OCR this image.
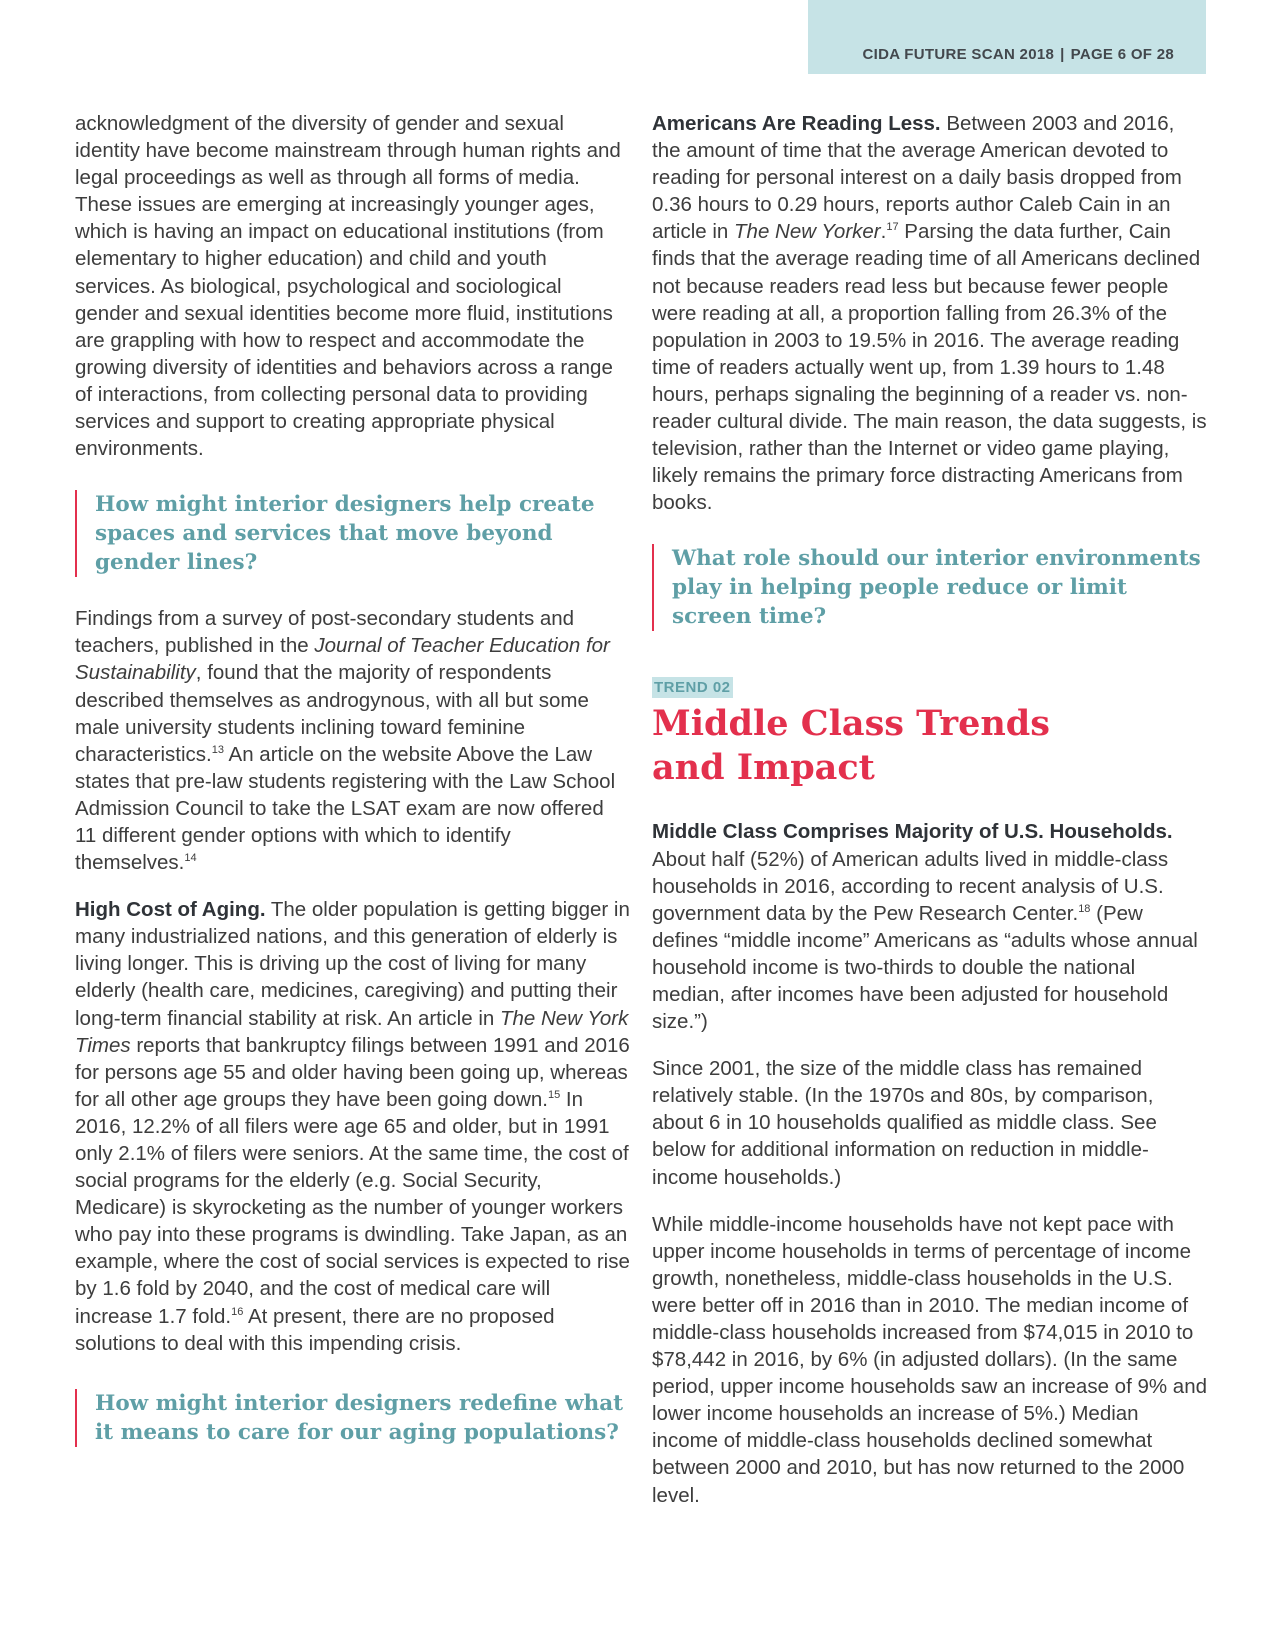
CIDA FUTURE SCAN 2018 | PAGE 6 OF 28

acknowledgment of the diversity of gender and sexual identity have become mainstream through human rights and legal proceedings as well as through all forms of media. These issues are emerging at increasingly younger ages, which is having an impact on educational institutions (from elementary to higher education) and child and youth services. As biological, psychological and sociological gender and sexual identities become more fluid, institutions are grappling with how to respect and accommodate the growing diversity of identities and behaviors across a range of interactions, from collecting personal data to providing services and support to creating appropriate physical environments.

How might interior designers help create spaces and services that move beyond gender lines?

Findings from a survey of post-secondary students and teachers, published in the Journal of Teacher Education for Sustainability, found that the majority of respondents described themselves as androgynous, with all but some male university students inclining toward feminine characteristics.$^{13}$ An article on the website Above the Law states that pre-law students registering with the Law School Admission Council to take the LSAT exam are now offered 11 different gender options with which to identify themselves.$^{14}$

High Cost of Aging. The older population is getting bigger in many industrialized nations, and this generation of elderly is living longer. This is driving up the cost of living for many elderly (health care, medicines, caregiving) and putting their long-term financial stability at risk. An article in The New York Times reports that bankruptcy filings between 1991 and 2016 for persons age 55 and older having been going up, whereas for all other age groups they have been going down.$^{15}$ In 2016, 12.2% of all filers were age 65 and older, but in 1991 only 2.1% of filers were seniors. At the same time, the cost of social programs for the elderly (e.g. Social Security, Medicare) is skyrocketing as the number of younger workers who pay into these programs is dwindling. Take Japan, as an example, where the cost of social services is expected to rise by 1.6 fold by 2040, and the cost of medical care will increase 1.7 fold.$^{16}$ At present, there are no proposed solutions to deal with this impending crisis.

How might interior designers redefine what it means to care for our aging populations?

Americans Are Reading Less. Between 2003 and 2016, the amount of time that the average American devoted to reading for personal interest on a daily basis dropped from 0.36 hours to 0.29 hours, reports author Caleb Cain in an article in The New Yorker.$^{17}$ Parsing the data further, Cain finds that the average reading time of all Americans declined not because readers read less but because fewer people were reading at all, a proportion falling from 26.3% of the population in 2003 to 19.5% in 2016. The average reading time of readers actually went up, from 1.39 hours to 1.48 hours, perhaps signaling the beginning of a reader vs. non-reader cultural divide. The main reason, the data suggests, is television, rather than the Internet or video game playing, likely remains the primary force distracting Americans from books.

What role should our interior environments play in helping people reduce or limit screen time?
TREND 02
Middle Class Trends
and Impact

Middle Class Comprises Majority of U.S. Households. About half (52%) of American adults lived in middle-class households in 2016, according to recent analysis of U.S. government data by the Pew Research Center.$^{18}$ (Pew defines “middle income” Americans as “adults whose annual household income is two-thirds to double the national median, after incomes have been adjusted for household size.”)

Since 2001, the size of the middle class has remained relatively stable. (In the 1970s and 80s, by comparison, about 6 in 10 households qualified as middle class. See below for additional information on reduction in middle-income households.)

While middle-income households have not kept pace with upper income households in terms of percentage of income growth, nonetheless, middle-class households in the U.S. were better off in 2016 than in 2010. The median income of middle-class households increased from $74,015 in 2010 to $78,442 in 2016, by 6% (in adjusted dollars). (In the same period, upper income households saw an increase of 9% and lower income households an increase of 5%.) Median income of middle-class households declined somewhat between 2000 and 2010, but has now returned to the 2000 level.
